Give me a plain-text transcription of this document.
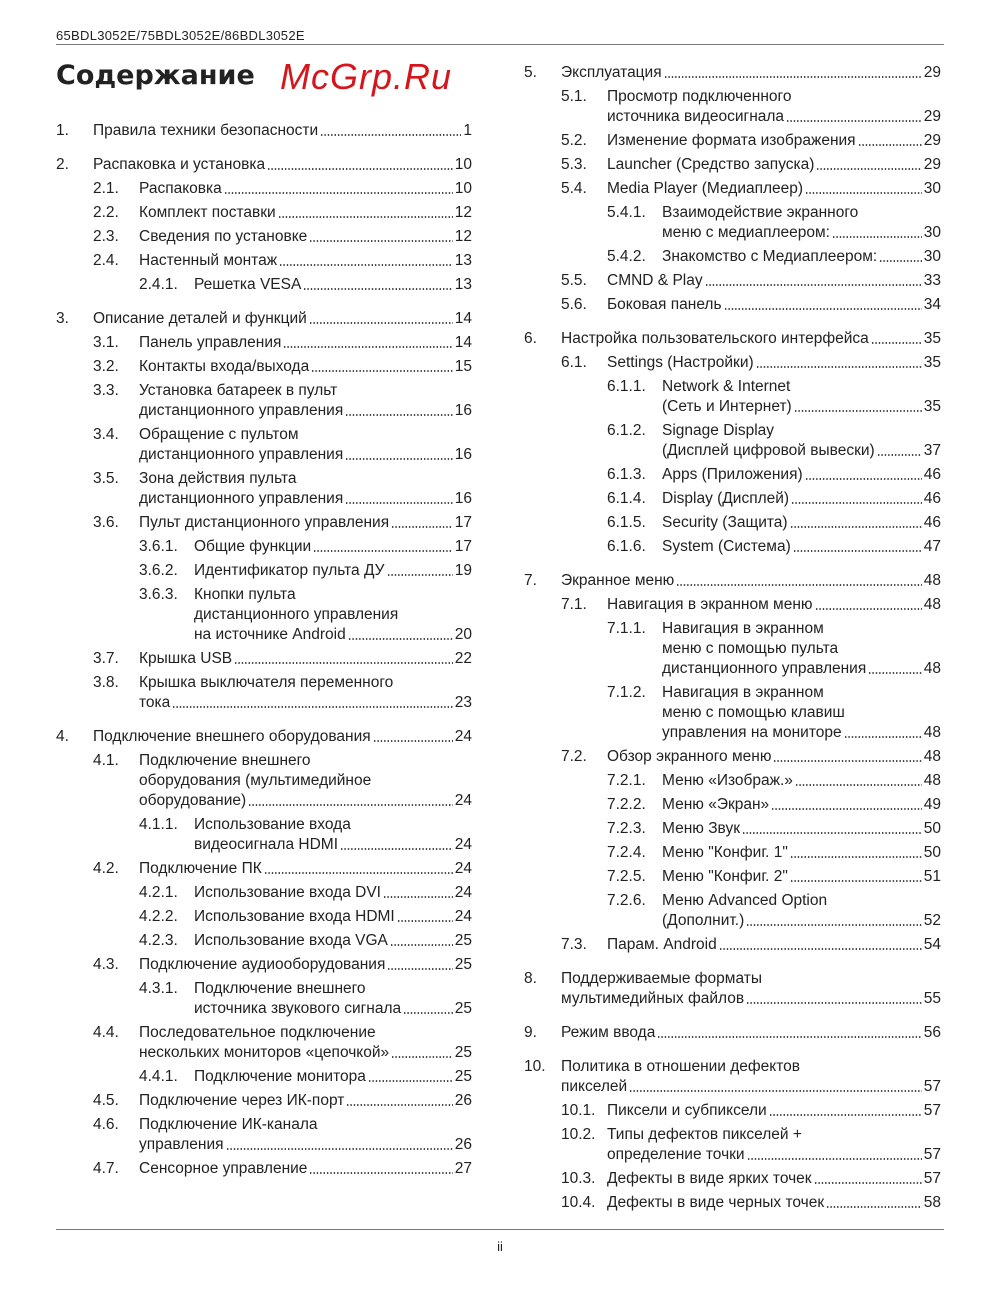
65BDL3052E/75BDL3052E/86BDL3052E
Содержание McGrp.Ru
1.	Правила техники безопасности	1
2.	Распаковка и установка	10
2.1.	Распаковка	10
2.2.	Комплект поставки	12
2.3.	Сведения по установке	12
2.4.	Настенный монтаж	13
2.4.1.	Решетка VESA	13
3.	Описание деталей и функций	14
3.1.	Панель управления	14
3.2.	Контакты входа/выхода	15
3.3.	Установка батареек в пульт
дистанционного управления	16
3.4.	Обращение с пультом
дистанционного управления	16
3.5.	Зона действия пульта
дистанционного управления	16
3.6.	Пульт дистанционного управления	17
3.6.1.	Общие функции	17
3.6.2.	Идентификатор пульта ДУ	19
3.6.3.	Кнопки пульта
дистанционного управления
на источнике Android	20
3.7.	Крышка USB	22
3.8.	Крышка выключателя переменного
тока	23
4.	Подключение внешнего оборудования	24
4.1.	Подключение внешнего
оборудования (мультимедийное
оборудование)	24
4.1.1.	Использование входа
видеосигнала HDMI	24
4.2.	Подключение ПК	24
4.2.1.	Использование входа DVI	24
4.2.2.	Использование входа HDMI	24
4.2.3.	Использование входа VGA	25
4.3.	Подключение аудиооборудования	25
4.3.1.	Подключение внешнего
источника звукового сигнала	25
4.4.	Последовательное подключение
нескольких мониторов «цепочкой»	25
4.4.1.	Подключение монитора	25
4.5.	Подключение через ИК-порт	26
4.6.	Подключение ИК-канала
управления	26
4.7.	Сенсорное управление	27
5.	Эксплуатация	29
5.1.	Просмотр подключенного
источника видеосигнала	29
5.2.	Изменение формата изображения	29
5.3.	Launcher (Средство запуска)	29
5.4.	Media Player (Медиаплеер)	30
5.4.1.	Взаимодействие экранного
меню с медиаплеером:	30
5.4.2.	Знакомство с Медиаплеером:	30
5.5.	CMND & Play	33
5.6.	Боковая панель	34
6.	Настройка пользовательского интерфейса	35
6.1.	Settings (Настройки)	35
6.1.1.	Network & Internet
(Сеть и Интернет)	35
6.1.2.	Signage Display
(Дисплей цифровой вывески)	37
6.1.3.	Apps (Приложения)	46
6.1.4.	Display (Дисплей)	46
6.1.5.	Security (Защита)	46
6.1.6.	System (Система)	47
7.	Экранное меню	48
7.1.	Навигация в экранном меню	48
7.1.1.	Навигация в экранном
меню с помощью пульта
дистанционного управления	48
7.1.2.	Навигация в экранном
меню с помощью клавиш
управления на мониторе	48
7.2.	Обзор экранного меню	48
7.2.1.	Меню «Изображ.»	48
7.2.2.	Меню «Экран»	49
7.2.3.	Меню Звук	50
7.2.4.	Меню "Конфиг. 1"	50
7.2.5.	Меню "Конфиг. 2"	51
7.2.6.	Меню Advanced Option
(Дополнит.)	52
7.3.	Парам. Android	54
8.	Поддерживаемые форматы
мультимедийных файлов	55
9.	Режим ввода	56
10. Политика в отношении дефектов
пикселей	57
10.1. Пиксели и субпиксели	57
10.2. Типы дефектов пикселей +
определение точки	57
10.3. Дефекты в виде ярких точек	57
10.4. Дефекты в виде черных точек	58
ii
